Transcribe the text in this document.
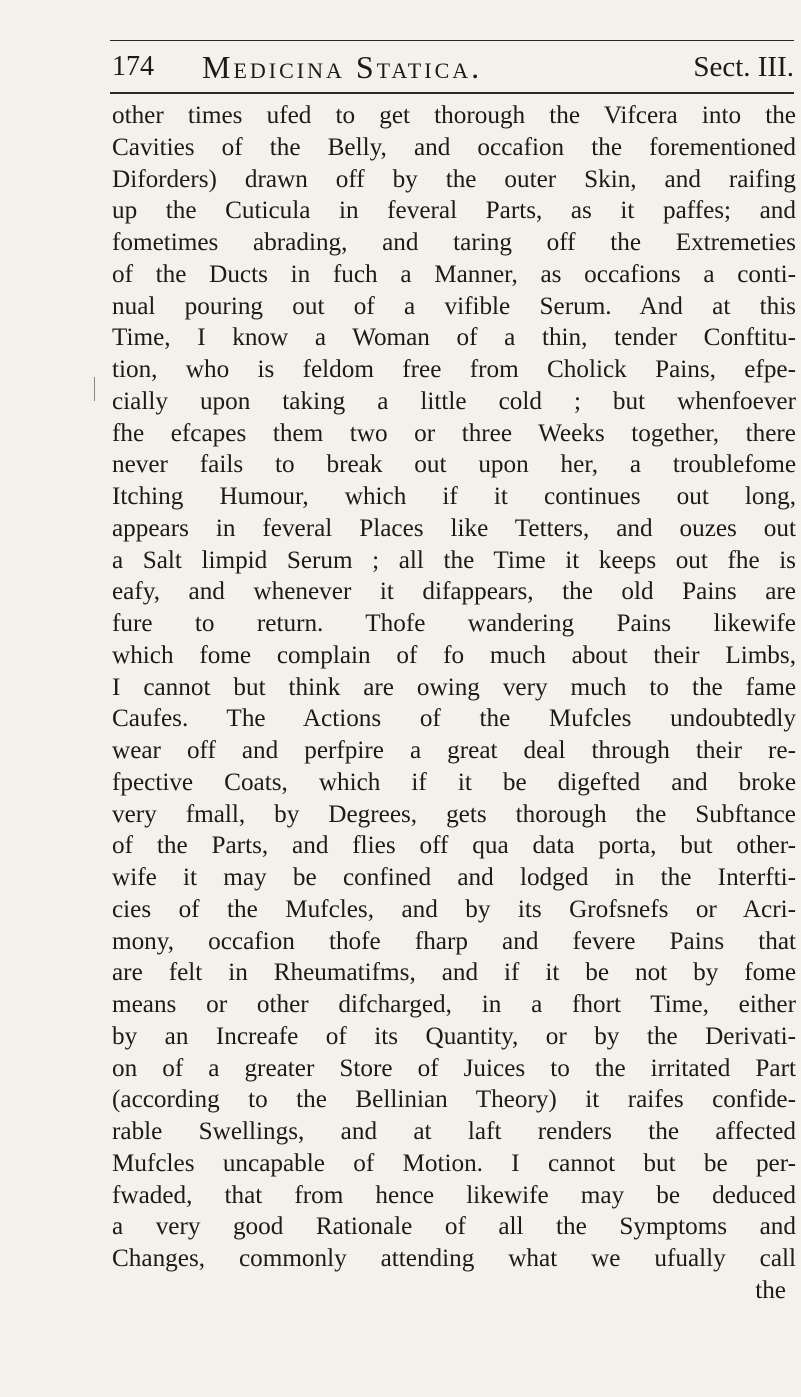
174 Medicina Statica.	Sect. III.
other times ufed to get thorough the Vifcera into the
Cavities of the Belly, and occafion the forementioned
Diforders) drawn off by the outer Skin, and raifing
up the Cuticula in feveral Parts, as it paffes; and
fometimes abrading, and taring off the Extremeties
of the Ducts in fuch a Manner, as occafions a conti-
nual pouring out of a vifible Serum. And at this
Time, I know a Woman of a thin, tender Conftitu-
tion, who is feldom free from Cholick Pains, efpe-
cially upon taking a little cold ; but whenfoever
fhe efcapes them two or three Weeks together, there
never fails to break out upon her, a troublefome
Itching Humour, which if it continues out long,
appears in feveral Places like Tetters, and ouzes out
a Salt limpid Serum ; all the Time it keeps out fhe is
eafy, and whenever it difappears, the old Pains are
fure to return. Thofe wandering Pains likewife
which fome complain of fo much about their Limbs,
I cannot but think are owing very much to the fame
Caufes. The Actions of the Mufcles undoubtedly
wear off and perfpire a great deal through their re-
fpective Coats, which if it be digefted and broke
very fmall, by Degrees, gets thorough the Subftance
of the Parts, and flies off qua data porta, but other-
wife it may be confined and lodged in the Interfti-
cies of the Mufcles, and by its Grofsnefs or Acri-
mony, occafion thofe fharp and fevere Pains that
are felt in Rheumatifms, and if it be not by fome
means or other difcharged, in a fhort Time, either
by an Increafe of its Quantity, or by the Derivati-
on of a greater Store of Juices to the irritated Part
(according to the Bellinian Theory) it raifes confide-
rable Swellings, and at laft renders the affected
Mufcles uncapable of Motion. I cannot but be per-
fwaded, that from hence likewife may be deduced
a very good Rationale of all the Symptoms and
Changes, commonly attending what we ufually call
the
